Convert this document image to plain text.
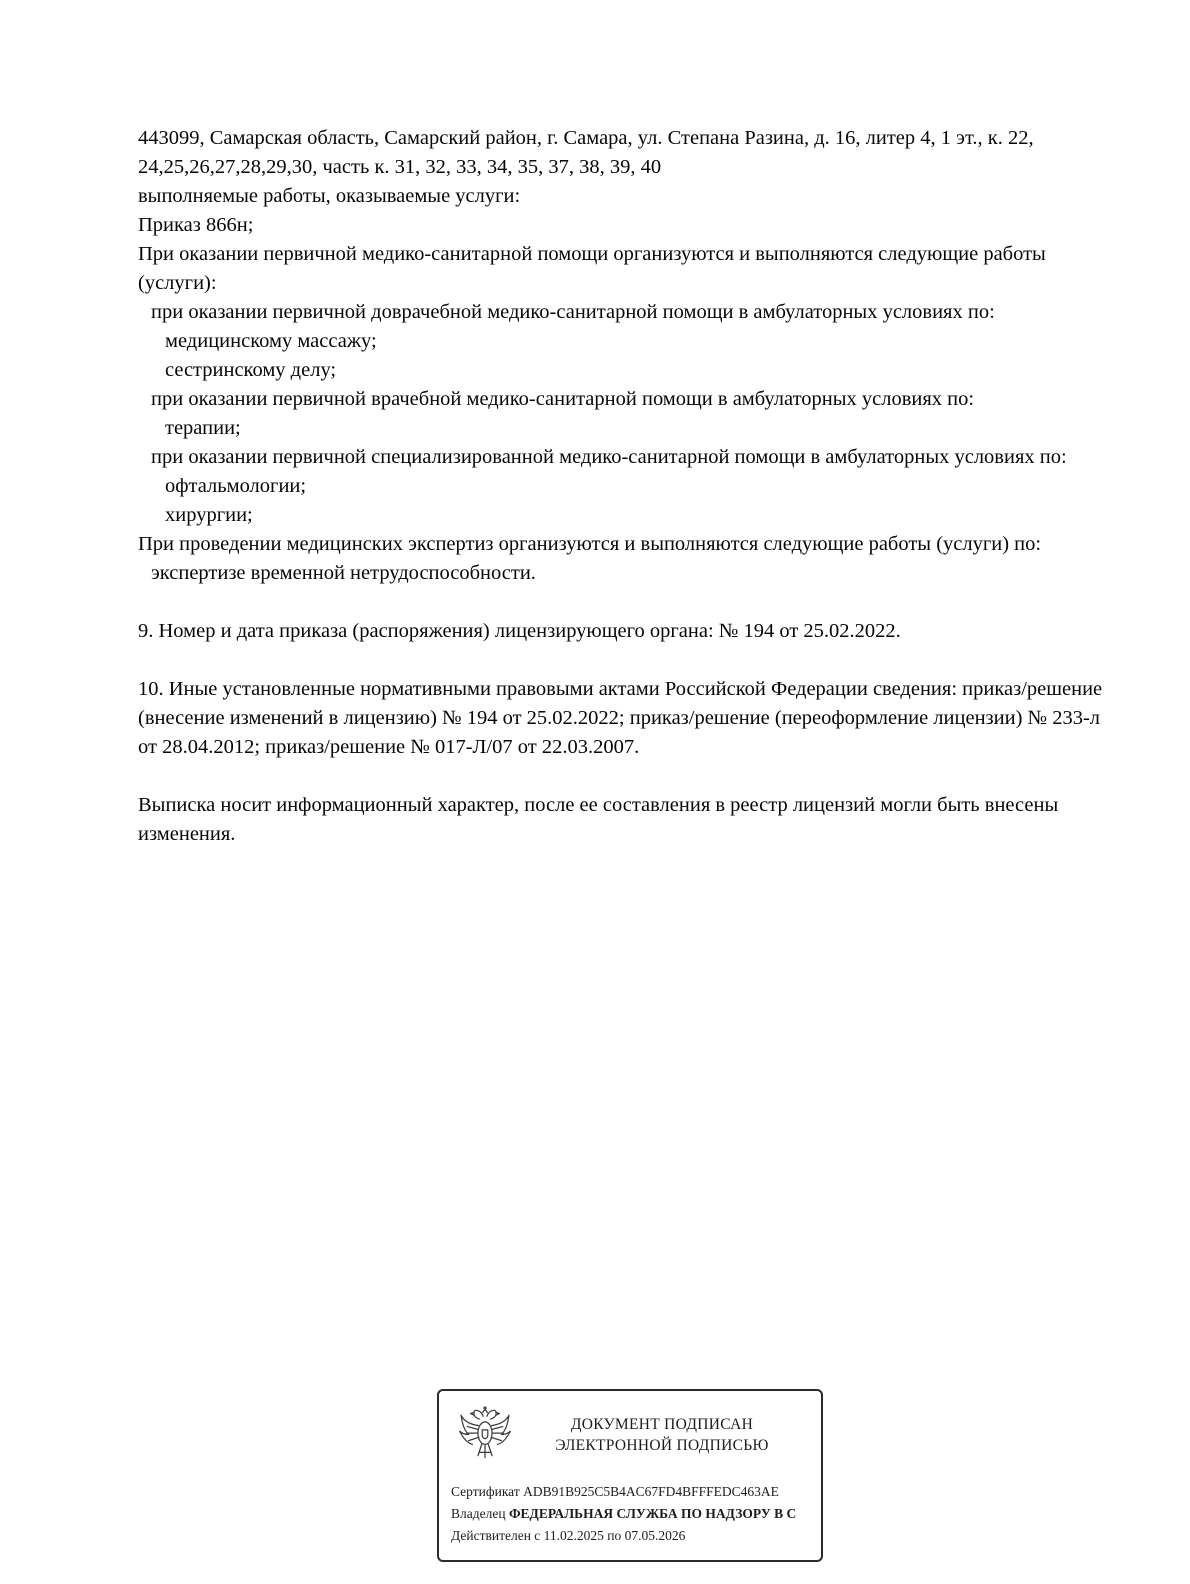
443099, Самарская область, Самарский район, г. Самара, ул. Степана Разина, д. 16, литер 4, 1 эт., к. 22, 24,25,26,27,28,29,30, часть к. 31, 32, 33, 34, 35, 37, 38, 39, 40

выполняемые работы, оказываемые услуги:

Приказ 866н;

При оказании первичной медико-санитарной помощи организуются и выполняются следующие работы (услуги):

при оказании первичной доврачебной медико-санитарной помощи в амбулаторных условиях по:

медицинскому массажу;

сестринскому делу;

при оказании первичной врачебной медико-санитарной помощи в амбулаторных условиях по:

терапии;

при оказании первичной специализированной медико-санитарной помощи в амбулаторных условиях по:

офтальмологии;

хирургии;

При проведении медицинских экспертиз организуются и выполняются следующие работы (услуги) по:

экспертизе временной нетрудоспособности.

9. Номер и дата приказа (распоряжения) лицензирующего органа: № 194 от 25.02.2022.

10. Иные установленные нормативными правовыми актами Российской Федерации сведения: приказ/решение (внесение изменений в лицензию) № 194 от 25.02.2022; приказ/решение (переоформление лицензии) № 233-л от 28.04.2012; приказ/решение № 017-Л/07 от 22.03.2007.

Выписка носит информационный характер, после ее составления в реестр лицензий могли быть внесены изменения.

ДОКУМЕНТ ПОДПИСАН
ЭЛЕКТРОННОЙ ПОДПИСЬЮ
Сертификат ADB91B925C5B4AC67FD4BFFFEDC463AE
Владелец ФЕДЕРАЛЬНАЯ СЛУЖБА ПО НАДЗОРУ В С
Действителен с 11.02.2025 по 07.05.2026
